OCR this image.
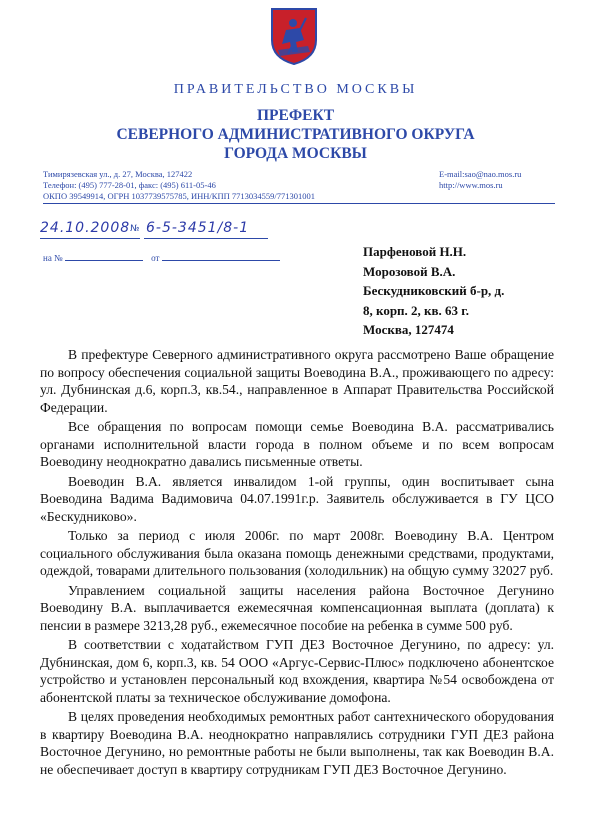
ПРАВИТЕЛЬСТВО МОСКВЫ
ПРЕФЕКТ
СЕВЕРНОГО АДМИНИСТРАТИВНОГО ОКРУГА
ГОРОДА МОСКВЫ
Тимирязевская ул., д. 27, Москва, 127422
Телефон: (495) 777-28-01, факс: (495) 611-05-46
ОКПО 39549914, ОГРН 1037739575785, ИНН/КПП 7713034559/771301001
E-mail:sao@nao.mos.ru
http://www.mos.ru
24.10.2008 № 6-5-3451/8-1
на №	от	Парфеновой Н.Н.
Морозовой В.А.
Бескудниковский б-р, д.
8, корп. 2, кв. 63 г.
Москва, 127474

В префектуре Северного административного округа рассмотрено Ваше обращение по вопросу обеспечения социальной защиты Воеводина В.А., проживающего по адресу: ул. Дубнинская д.6, корп.3, кв.54., направленное в Аппарат Правительства Российской Федерации.

Все обращения по вопросам помощи семье Воеводина В.А. рассматривались органами исполнительной власти города в полном объеме и по всем вопросам Воеводину неоднократно давались письменные ответы.

Воеводин В.А. является инвалидом 1-ой группы, один воспитывает сына Воеводина Вадима Вадимовича 04.07.1991г.р. Заявитель обслуживается в ГУ ЦСО «Бескудниково».

Только за период с июля 2006г. по март 2008г. Воеводину В.А. Центром социального обслуживания была оказана помощь денежными средствами, продуктами, одеждой, товарами длительного пользования (холодильник) на общую сумму 32027 руб.

Управлением социальной защиты населения района Восточное Дегунино Воеводину В.А. выплачивается ежемесячная компенсационная выплата (доплата) к пенсии в размере 3213,28 руб., ежемесячное пособие на ребенка в сумме 500 руб.

В соответствии с ходатайством ГУП ДЕЗ Восточное Дегунино, по адресу: ул. Дубнинская, дом 6, корп.3, кв. 54 ООО «Аргус-Сервис-Плюс» подключено абонентское устройство и установлен персональный код вхождения, квартира №54 освобождена от абонентской платы за техническое обслуживание домофона.

В целях проведения необходимых ремонтных работ сантехнического оборудования в квартиру Воеводина В.А. неоднократно направлялись сотрудники ГУП ДЕЗ района Восточное Дегунино, но ремонтные работы не были выполнены, так как Воеводин В.А. не обеспечивает доступ в квартиру сотрудникам ГУП ДЕЗ Восточное Дегунино.
